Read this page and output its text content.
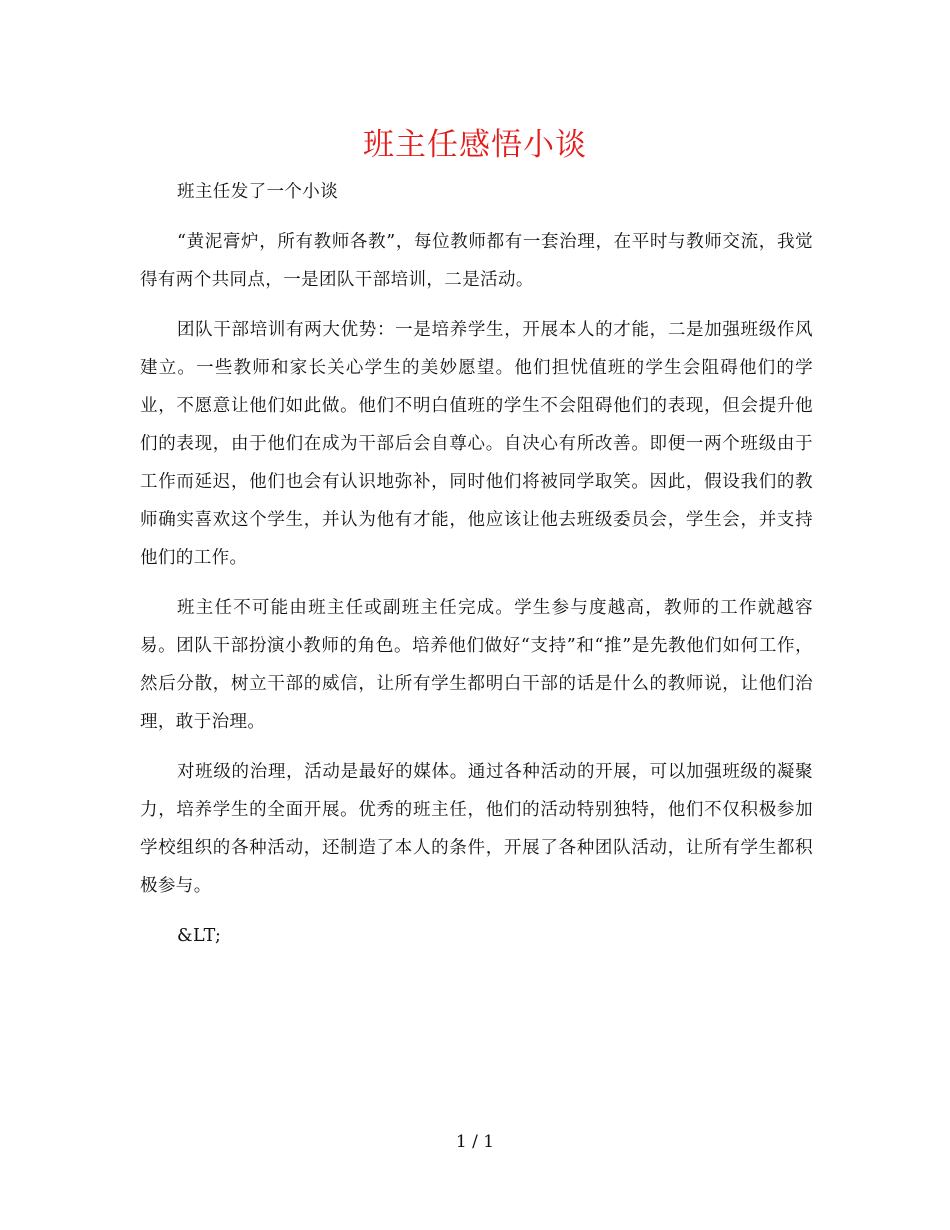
班主任感悟小谈

班主任发了一个小谈

“黄泥膏炉，所有教师各教”，每位教师都有一套治理，在平时与教师交流，我觉得有两个共同点，一是团队干部培训，二是活动。

团队干部培训有两大优势：一是培养学生，开展本人的才能，二是加强班级作风建立。一些教师和家长关心学生的美妙愿望。他们担忧值班的学生会阻碍他们的学业，不愿意让他们如此做。他们不明白值班的学生不会阻碍他们的表现，但会提升他们的表现，由于他们在成为干部后会自尊心。自决心有所改善。即便一两个班级由于工作而延迟，他们也会有认识地弥补，同时他们将被同学取笑。因此，假设我们的教师确实喜欢这个学生，并认为他有才能，他应该让他去班级委员会，学生会，并支持他们的工作。

班主任不可能由班主任或副班主任完成。学生参与度越高，教师的工作就越容易。团队干部扮演小教师的角色。培养他们做好“支持”和“推”是先教他们如何工作，然后分散，树立干部的威信，让所有学生都明白干部的话是什么的教师说，让他们治理，敢于治理。

对班级的治理，活动是最好的媒体。通过各种活动的开展，可以加强班级的凝聚力，培养学生的全面开展。优秀的班主任，他们的活动特别独特，他们不仅积极参加学校组织的各种活动，还制造了本人的条件，开展了各种团队活动，让所有学生都积极参与。

&LT;

1 / 1
